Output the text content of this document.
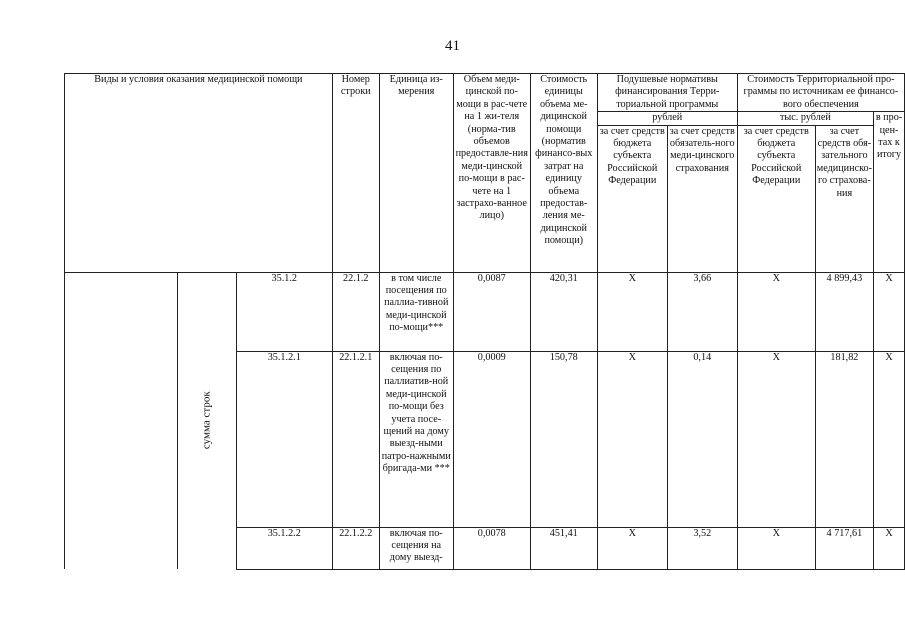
41
Виды и условия оказания медицинской помощи			Номер строки	Единица из-мерения	Объем меди-цинской по-мощи в рас-чете на 1 жи-теля (норма-тив объемов предоставле-ния меди-цинской по-мощи в рас-чете на 1 застрахо-ванное лицо)	Стоимость единицы объема ме-дицинской помощи (норматив финансо-вых затрат на единицу объема предостав-ления ме-дицинской помощи)	Подушевые нормативы финансирования Терри-ториальной программы		Стоимость Территориальной про-граммы по источникам ее финансо-вого обеспечения		
							рублей		тыс. рублей		в про-цен-тах к итогу
							за счет средств бюджета субъекта Российской Федерации	за счет средств обязатель-ного меди-цинского страхования	за счет средств бюджета субъекта Российской Федерации	за счет средств обя-зательного медицинско-го страхова-ния	
	сумма строк	35.1.2	22.1.2	в том числе посещения по паллиа-тивной меди-цинской по-мощи***	0,0087	420,31	X	3,66	X	4 899,43	X
		35.1.2.1	22.1.2.1	включая по-сещения по паллиатив-ной меди-цинской по-мощи без учета посе-щений на дому выезд-ными патро-нажными бригада-ми ***	0,0009	150,78	X	0,14	X	181,82	X
		35.1.2.2	22.1.2.2	включая по-сещения на дому выезд-	0,0078	451,41	X	3,52	X	4 717,61	X
